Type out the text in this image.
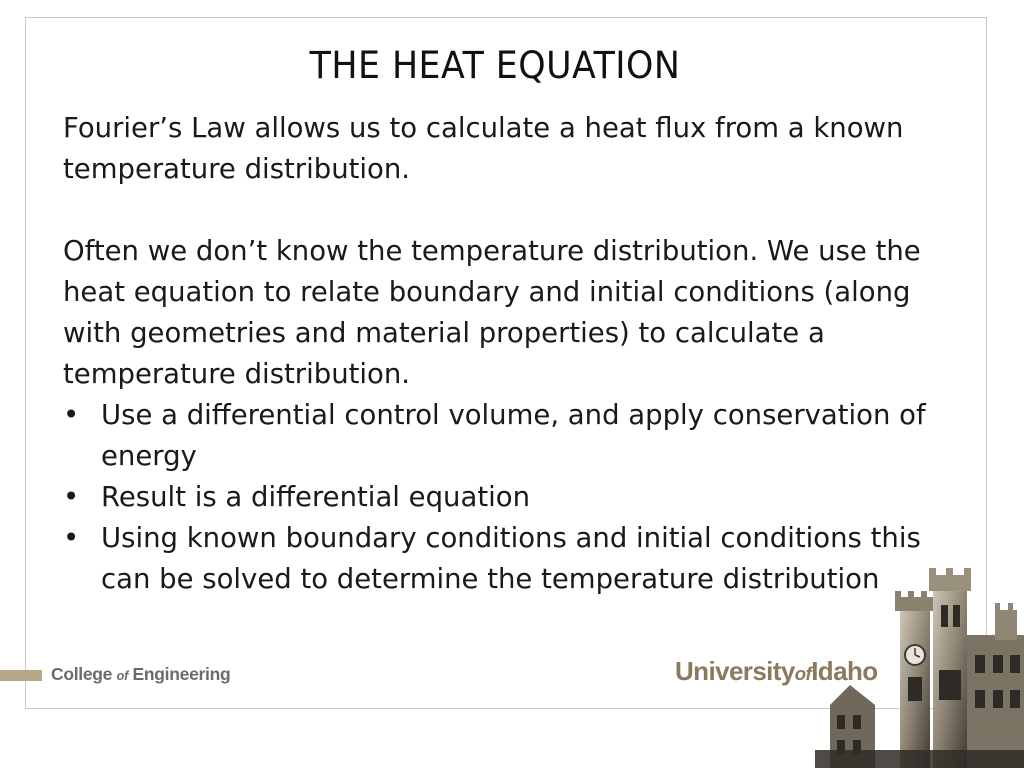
THE HEAT EQUATION

Fourier’s Law allows us to calculate a heat flux from a known temperature distribution.

Often we don’t know the temperature distribution. We use the heat equation to relate boundary and initial conditions (along with geometries and material properties) to calculate a temperature distribution.

• Use a differential control volume, and apply conservation of energy
• Result is a differential equation
• Using known boundary conditions and initial conditions this can be solved to determine the temperature distribution
College of Engineering	UniversityofIdaho
